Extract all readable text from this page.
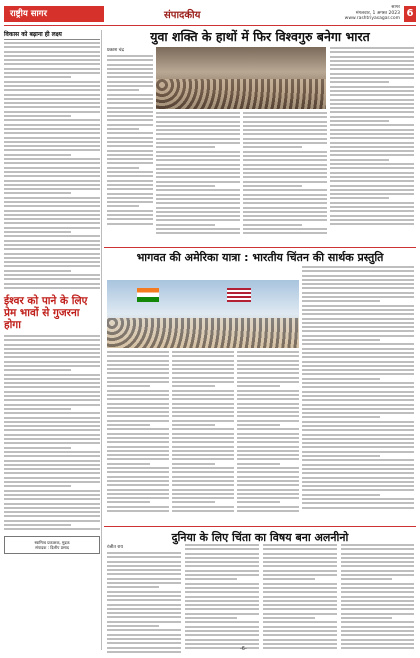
राष्ट्रीय सागर	संपादकीय
सागर
मंगलवार, 1 अगस्त 2023
www.rashtriyasagar.com 6
विकास को बढ़ाना ही लक्ष्य
ईश्वर को पाने के लिए प्रेम भावों से गुजरना होगा
स्वामित्व प्रकाशक, मुद्रक
संपादक : दिलीप प्रसाद
युवा शक्ति के हाथों में फिर विश्वगुरु बनेगा भारत
प्रकाश चंद्र
भागवत की अमेरिका यात्रा : भारतीय चिंतन की सार्थक प्रस्तुति
दुनिया के लिए चिंता का विषय बना अलनीनो
रंजीत राय
-6-
